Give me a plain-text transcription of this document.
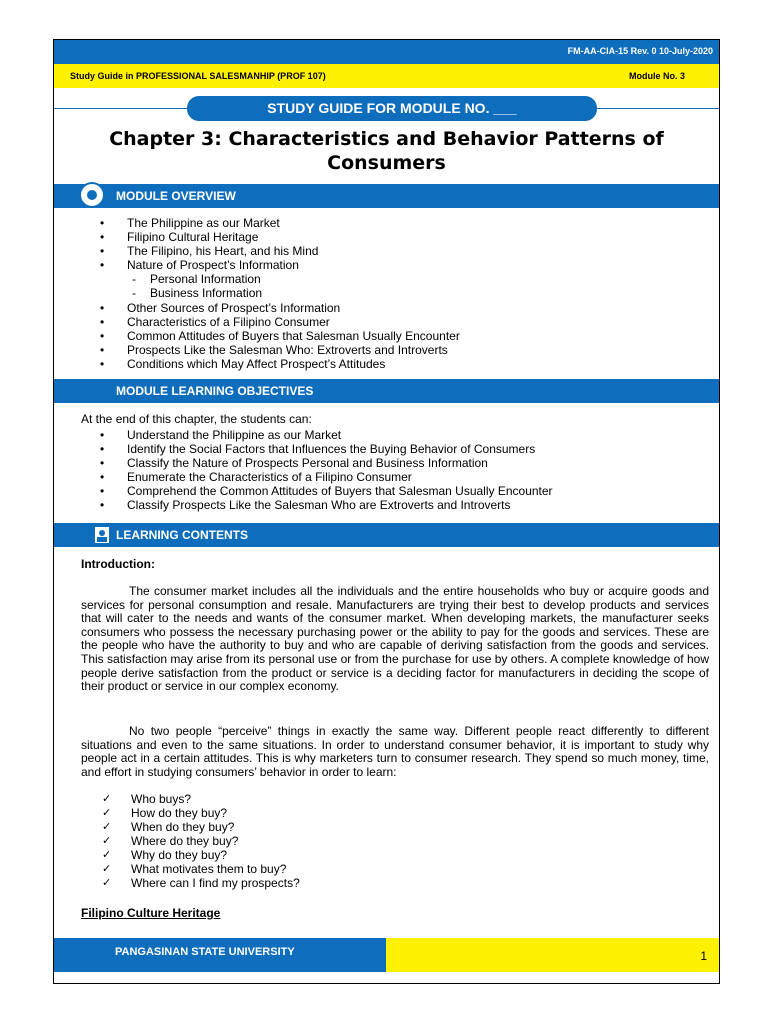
FM-AA-CIA-15 Rev. 0 10-July-2020
Study Guide in PROFESSIONAL SALESMANHIP (PROF 107)	Module No. 3
STUDY GUIDE FOR MODULE NO. ___
Chapter 3: Characteristics and Behavior Patterns of
Consumers
MODULE OVERVIEW
• The Philippine as our Market
• Filipino Cultural Heritage
• The Filipino, his Heart, and his Mind
• Nature of Prospect’s Information
- Personal Information
- Business Information
• Other Sources of Prospect’s Information
• Characteristics of a Filipino Consumer
• Common Attitudes of Buyers that Salesman Usually Encounter
• Prospects Like the Salesman Who: Extroverts and Introverts
• Conditions which May Affect Prospect’s Attitudes
MODULE LEARNING OBJECTIVES
At the end of this chapter, the students can:
• Understand the Philippine as our Market
• Identify the Social Factors that Influences the Buying Behavior of Consumers
• Classify the Nature of Prospects Personal and Business Information
• Enumerate the Characteristics of a Filipino Consumer
• Comprehend the Common Attitudes of Buyers that Salesman Usually Encounter
• Classify Prospects Like the Salesman Who are Extroverts and Introverts
LEARNING CONTENTS
Introduction:
The consumer market includes all the individuals and the entire households who buy or acquire goods and services for personal consumption and resale. Manufacturers are trying their best to develop products and services that will cater to the needs and wants of the consumer market. When developing markets, the manufacturer seeks consumers who possess the necessary purchasing power or the ability to pay for the goods and services. These are the people who have the authority to buy and who are capable of deriving satisfaction from the goods and services. This satisfaction may arise from its personal use or from the purchase for use by others. A complete knowledge of how people derive satisfaction from the product or service is a deciding factor for manufacturers in deciding the scope of their product or service in our complex economy.
No two people “perceive” things in exactly the same way. Different people react differently to different situations and even to the same situations. In order to understand consumer behavior, it is important to study why people act in a certain attitudes. This is why marketers turn to consumer research. They spend so much money, time, and effort in studying consumers’ behavior in order to learn:
✓ Who buys?
✓ How do they buy?
✓ When do they buy?
✓ Where do they buy?
✓ Why do they buy?
✓ What motivates them to buy?
✓ Where can I find my prospects?
Filipino Culture Heritage
PANGASINAN STATE UNIVERSITY	1
